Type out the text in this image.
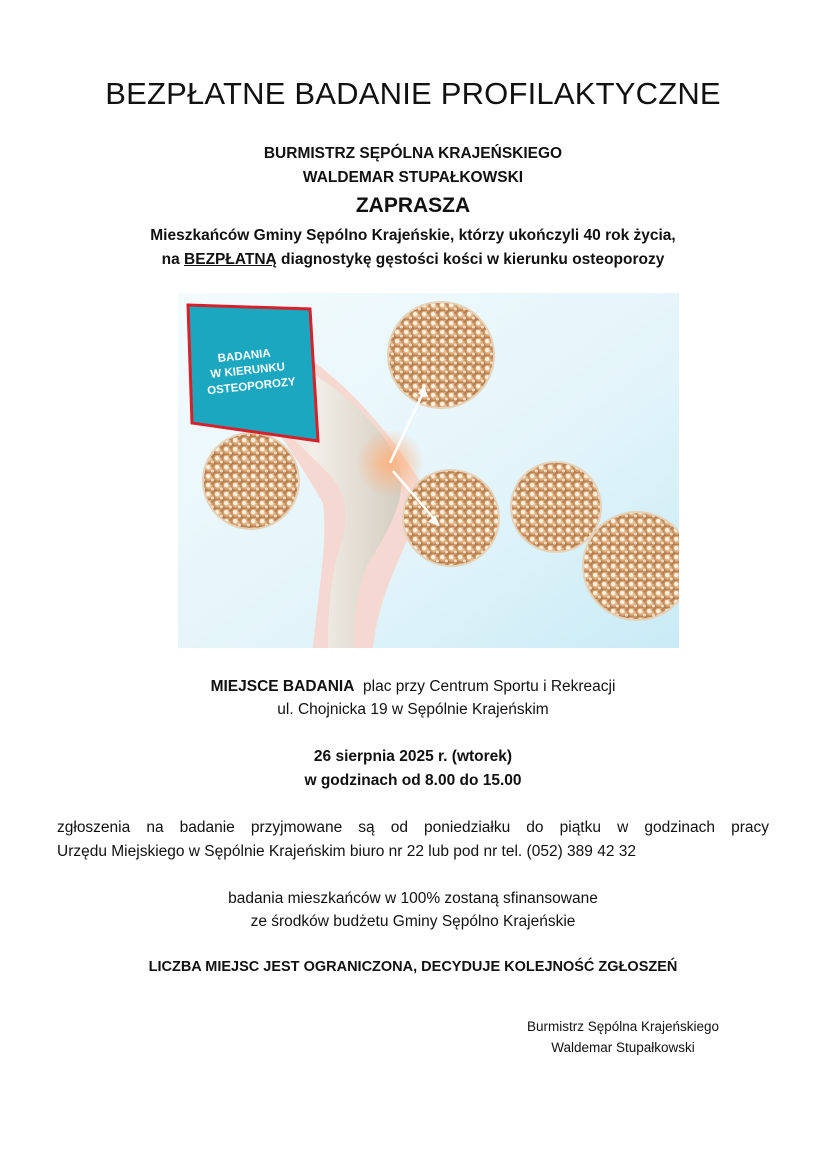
BEZPŁATNE BADANIE PROFILAKTYCZNE
BURMISTRZ SĘPÓLNA KRAJEŃSKIEGO
WALDEMAR STUPAŁKOWSKI
ZAPRASZA
Mieszkańców Gminy Sępólno Krajeńskie, którzy ukończyli 40 rok życia,
na BEZPŁATNĄ diagnostykę gęstości kości w kierunku osteoporozy
BADANIA
W KIERUNKU
OSTEOPOROZY
MIEJSCE BADANIA  plac przy Centrum Sportu i Rekreacji
ul. Chojnicka 19 w Sępólnie Krajeńskim
26 sierpnia 2025 r. (wtorek)
w godzinach od 8.00 do 15.00
zgłoszenia na badanie przyjmowane są od poniedziałku do piątku w godzinach pracy
Urzędu Miejskiego w Sępólnie Krajeńskim biuro nr 22 lub pod nr tel. (052) 389 42 32
badania mieszkańców w 100% zostaną sfinansowane
ze środków budżetu Gminy Sępólno Krajeńskie
LICZBA MIEJSC JEST OGRANICZONA, DECYDUJE KOLEJNOŚĆ ZGŁOSZEŃ
Burmistrz Sępólna Krajeńskiego
Waldemar Stupałkowski
